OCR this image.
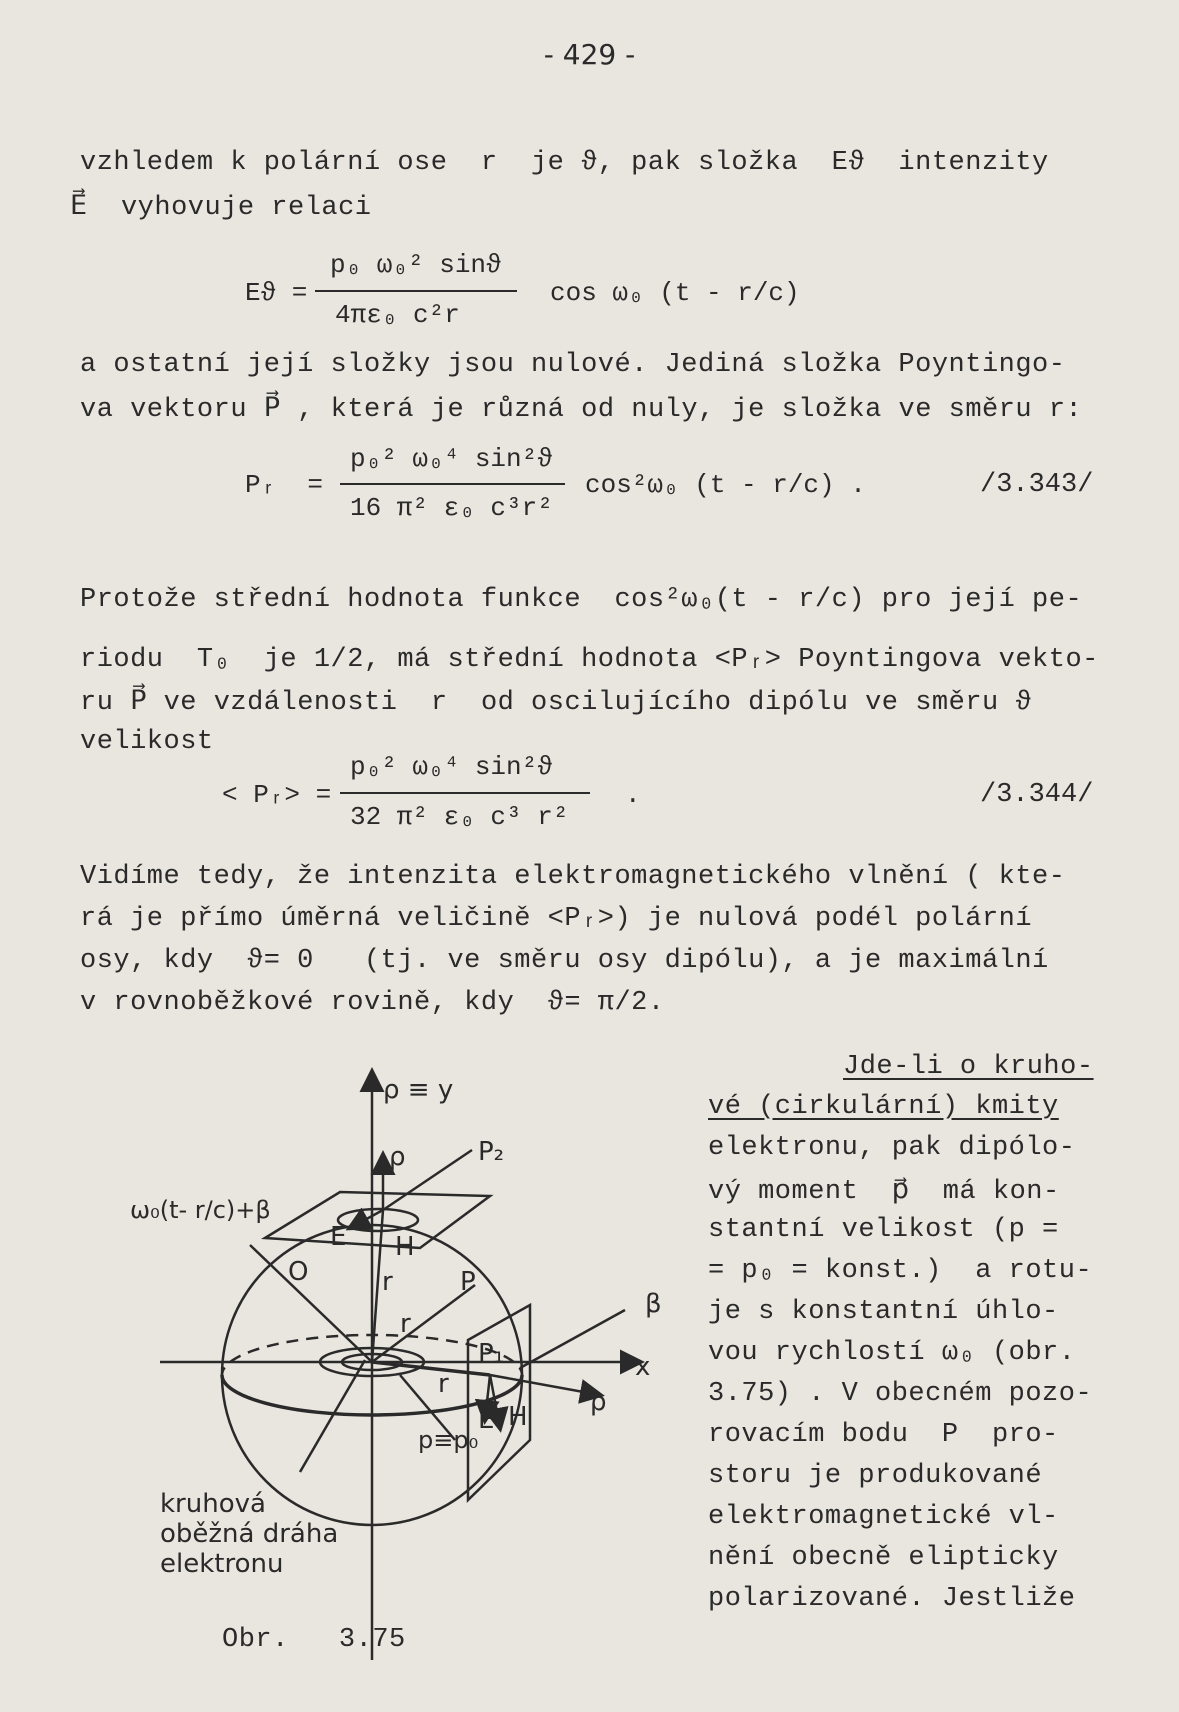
- 429 -
vzhledem k polární ose  r  je ϑ, pak složka  Eϑ  intenzity
E⃗  vyhovuje relaci
Eϑ =
p₀ ω₀² sinϑ
4πε₀ c²r
cos ω₀ (t - r/c)
a ostatní její složky jsou nulové. Jediná složka Poyntingo-
va vektoru P⃗ , která je různá od nuly, je složka ve směru r:
Pᵣ  =
p₀² ω₀⁴ sin²ϑ
16 π² ε₀ c³r²
cos²ω₀ (t - r/c) .	/3.343/
Protože střední hodnota funkce  cos²ω₀(t - r/c) pro její pe-
riodu  T₀  je 1/2, má střední hodnota <Pᵣ> Poyntingova vekto-
ru P⃗ ve vzdálenosti  r  od oscilujícího dipólu ve směru ϑ
velikost
< Pᵣ> =
p₀² ω₀⁴ sin²ϑ
32 π² ε₀ c³ r²
.	/3.344/
Vidíme tedy, že intenzita elektromagnetického vlnění ( kte-
rá je přímo úměrná veličině <Pᵣ>) je nulová podél polární
osy, kdy  ϑ= 0   (tj. ve směru osy dipólu), a je maximální
v rovnoběžkové rovině, kdy  ϑ= π/2.
Jde-li o kruho-
vé (cirkulární) kmity
elektronu, pak dipólo-
vý moment  p⃗  má kon-
stantní velikost (p =
= p₀ = konst.)  a rotu-
je s konstantní úhlo-
vou rychlostí ω₀ (obr.
3.75) . V obecném pozo-
rovacím bodu  P  pro-
storu je produkované
elektromagnetické vl-
nění obecně elipticky
polarizované. Jestliže
ρ ≡ y
x
P₂
P₁
P
O
ω₀(t- r/c)+β
β
ρ
ρ
E H
E H
r
r
r
p≡p₀
kruhová
oběžná dráha
elektronu
Obr.   3.75
